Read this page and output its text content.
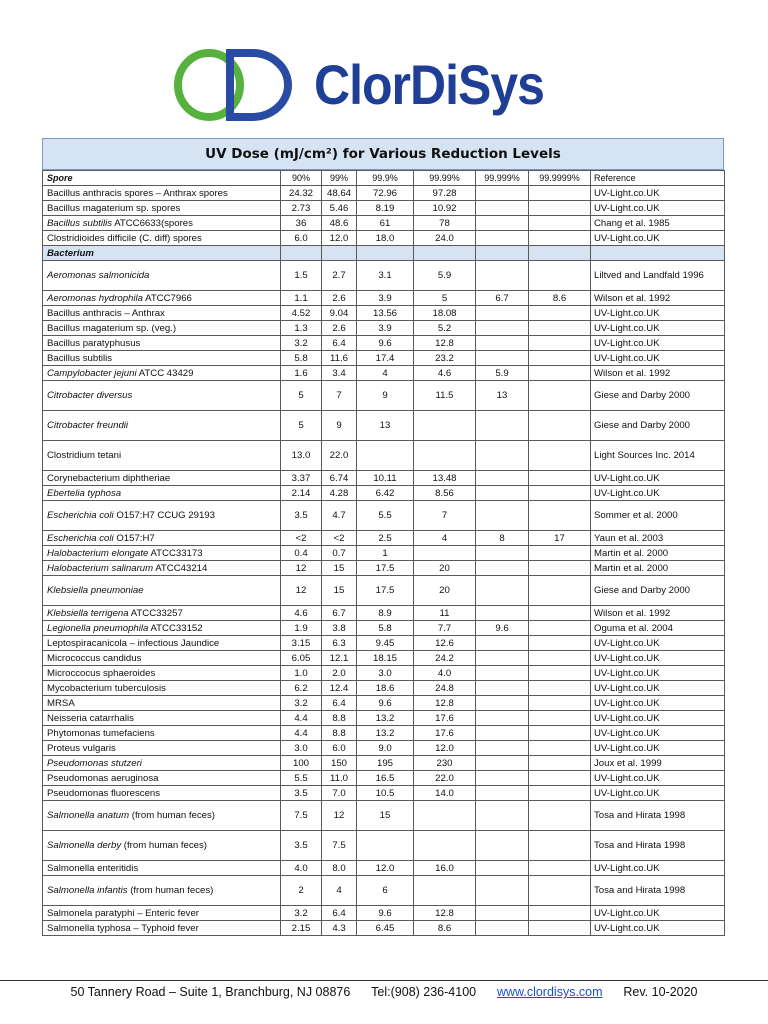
ClorDiSys
UV Dose (mJ/cm²) for Various Reduction Levels
Spore	90%	99%	99.9%	99.99%	99.999%	99.9999%	Reference
Bacillus anthracis spores – Anthrax spores	24.32	48.64	72.96	97.28			UV-Light.co.UK
Bacillus magaterium sp. spores	2.73	5.46	8.19	10.92			UV-Light.co.UK
Bacillus subtilis ATCC6633(spores	36	48.6	61	78			Chang et al. 1985
Clostridioides difficile (C. diff) spores	6.0	12.0	18.0	24.0			UV-Light.co.UK
Bacterium							
Aeromonas salmonicida	1.5	2.7	3.1	5.9			Liltved and Landfald 1996
Aeromonas hydrophila ATCC7966	1.1	2.6	3.9	5	6.7	8.6	Wilson et al. 1992
Bacillus anthracis – Anthrax	4.52	9.04	13.56	18.08			UV-Light.co.UK
Bacillus magaterium sp. (veg.)	1.3	2.6	3.9	5.2			UV-Light.co.UK
Bacillus paratyphusus	3.2	6.4	9.6	12.8			UV-Light.co.UK
Bacillus subtilis	5.8	11.6	17.4	23.2			UV-Light.co.UK
Campylobacter jejuni ATCC 43429	1.6	3.4	4	4.6	5.9		Wilson et al. 1992
Citrobacter diversus	5	7	9	11.5	13		Giese and Darby 2000
Citrobacter freundii	5	9	13				Giese and Darby 2000
Clostridium tetani	13.0	22.0					Light Sources Inc. 2014
Corynebacterium diphtheriae	3.37	6.74	10.11	13.48			UV-Light.co.UK
Ebertelia typhosa	2.14	4.28	6.42	8.56			UV-Light.co.UK
Escherichia coli O157:H7 CCUG 29193	3.5	4.7	5.5	7			Sommer et al. 2000
Escherichia coli O157:H7	<2	<2	2.5	4	8	17	Yaun et al. 2003
Halobacterium elongate ATCC33173	0.4	0.7	1				Martin et al. 2000
Halobacterium salinarum ATCC43214	12	15	17.5	20			Martin et al. 2000
Klebsiella pneumoniae	12	15	17.5	20			Giese and Darby 2000
Klebsiella terrigena ATCC33257	4.6	6.7	8.9	11			Wilson et al. 1992
Legionella pneumophila ATCC33152	1.9	3.8	5.8	7.7	9.6		Oguma et al. 2004
Leptospiracanicola – infectious Jaundice	3.15	6.3	9.45	12.6			UV-Light.co.UK
Micrococcus candidus	6.05	12.1	18.15	24.2			UV-Light.co.UK
Microccocus sphaeroides	1.0	2.0	3.0	4.0			UV-Light.co.UK
Mycobacterium tuberculosis	6.2	12.4	18.6	24.8			UV-Light.co.UK
MRSA	3.2	6.4	9.6	12.8			UV-Light.co.UK
Neisseria catarrhalis	4.4	8.8	13.2	17.6			UV-Light.co.UK
Phytomonas tumefaciens	4.4	8.8	13.2	17.6			UV-Light.co.UK
Proteus vulgaris	3.0	6.0	9.0	12.0			UV-Light.co.UK
Pseudomonas stutzeri	100	150	195	230			Joux et al. 1999
Pseudomonas aeruginosa	5.5	11.0	16.5	22.0			UV-Light.co.UK
Pseudomonas fluorescens	3.5	7.0	10.5	14.0			UV-Light.co.UK
Salmonella anatum (from human feces)	7.5	12	15				Tosa and Hirata 1998
Salmonella derby (from human feces)	3.5	7.5					Tosa and Hirata 1998
Salmonella enteritidis	4.0	8.0	12.0	16.0			UV-Light.co.UK
Salmonella infantis (from human feces)	2	4	6				Tosa and Hirata 1998
Salmonela paratyphi – Enteric fever	3.2	6.4	9.6	12.8			UV-Light.co.UK
Salmonella typhosa – Typhoid fever	2.15	4.3	6.45	8.6			UV-Light.co.UK
50 Tannery Road – Suite 1, Branchburg, NJ 08876
Tel:(908) 236-4100
www.clordisys.com
Rev. 10-2020
